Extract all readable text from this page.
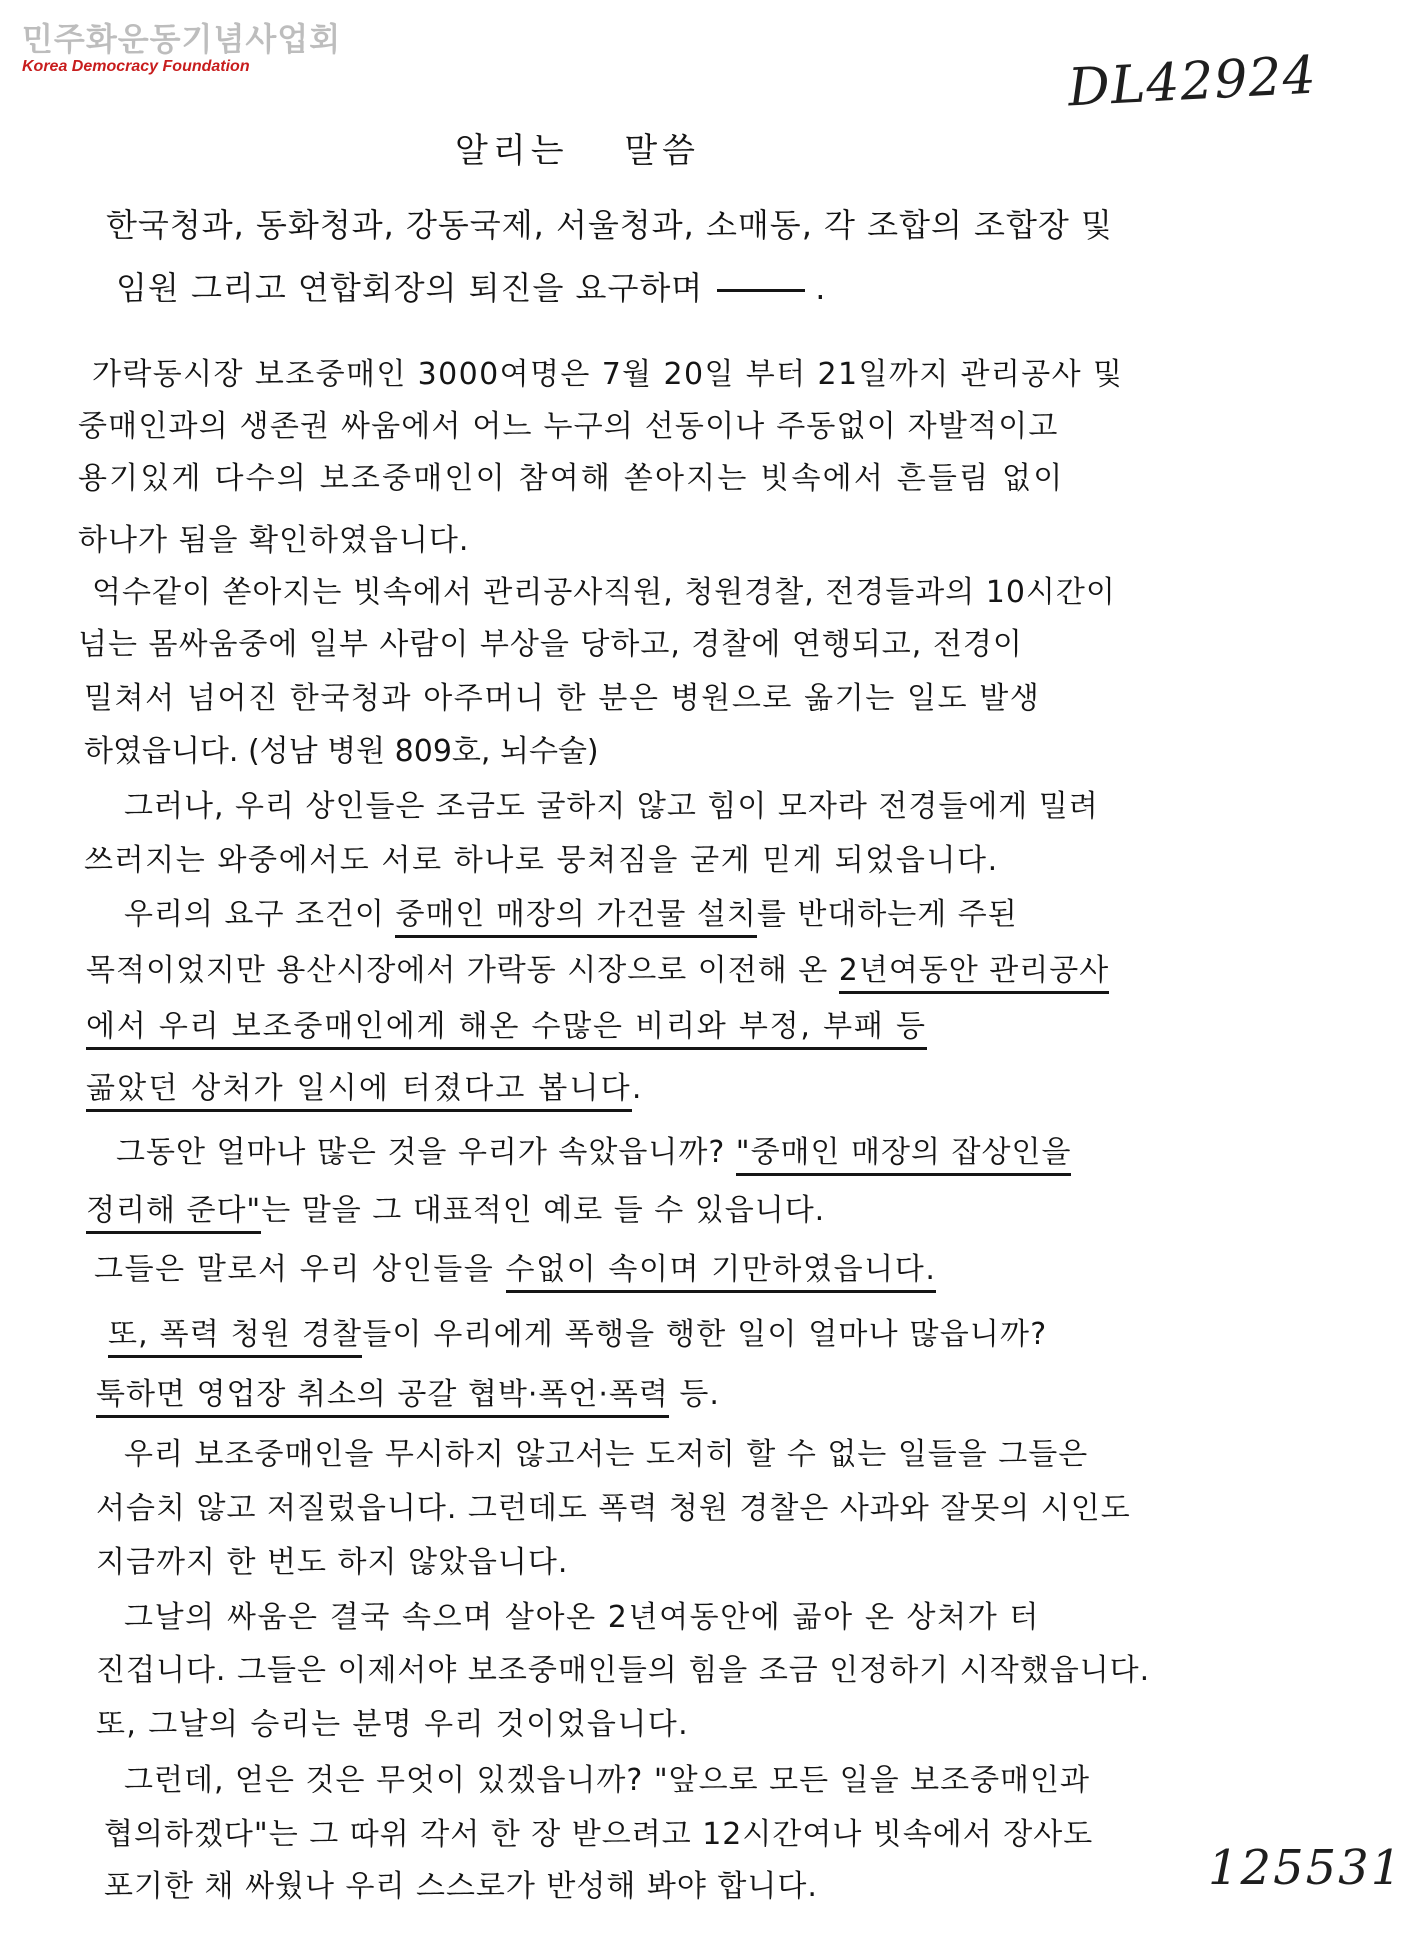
민주화운동기념사업회
Korea Democracy Foundation	DL42924
알리는 말씀
한국청과, 동화청과, 강동국제, 서울청과, 소매동, 각 조합의 조합장 및
임원 그리고 연합회장의 퇴진을 요구하며	.
가락동시장 보조중매인 3000여명은 7월 20일 부터 21일까지 관리공사 및
중매인과의 생존권 싸움에서 어느 누구의 선동이나 주동없이 자발적이고
용기있게 다수의 보조중매인이 참여해 쏟아지는 빗속에서 흔들림 없이
하나가 됨을 확인하였읍니다.
억수같이 쏟아지는 빗속에서 관리공사직원, 청원경찰, 전경들과의 10시간이
넘는 몸싸움중에 일부 사람이 부상을 당하고, 경찰에 연행되고, 전경이
밀쳐서 넘어진 한국청과 아주머니 한 분은 병원으로 옮기는 일도 발생
하였읍니다. (성남 병원 809호, 뇌수술)
그러나, 우리 상인들은 조금도 굴하지 않고 힘이 모자라 전경들에게 밀려
쓰러지는 와중에서도 서로 하나로 뭉쳐짐을 굳게 믿게 되었읍니다.
우리의 요구 조건이 중매인 매장의 가건물 설치를 반대하는게 주된
목적이었지만 용산시장에서 가락동 시장으로 이전해 온 2년여동안 관리공사
에서 우리 보조중매인에게 해온 수많은 비리와 부정, 부패 등
곪았던 상처가 일시에 터졌다고 봅니다.
그동안 얼마나 많은 것을 우리가 속았읍니까? "중매인 매장의 잡상인을
정리해 준다"는 말을 그 대표적인 예로 들 수 있읍니다.
그들은 말로서 우리 상인들을 수없이 속이며 기만하였읍니다.
또, 폭력 청원 경찰들이 우리에게 폭행을 행한 일이 얼마나 많읍니까?
툭하면 영업장 취소의 공갈 협박·폭언·폭력 등.
우리 보조중매인을 무시하지 않고서는 도저히 할 수 없는 일들을 그들은
서슴치 않고 저질렀읍니다. 그런데도 폭력 청원 경찰은 사과와 잘못의 시인도
지금까지 한 번도 하지 않았읍니다.
그날의 싸움은 결국 속으며 살아온 2년여동안에 곪아 온 상처가 터
진겁니다. 그들은 이제서야 보조중매인들의 힘을 조금 인정하기 시작했읍니다.
또, 그날의 승리는 분명 우리 것이었읍니다.
그런데, 얻은 것은 무엇이 있겠읍니까? "앞으로 모든 일을 보조중매인과
협의하겠다"는 그 따위 각서 한 장 받으려고 12시간여나 빗속에서 장사도
포기한 채 싸웠나 우리 스스로가 반성해 봐야 합니다.	125531
